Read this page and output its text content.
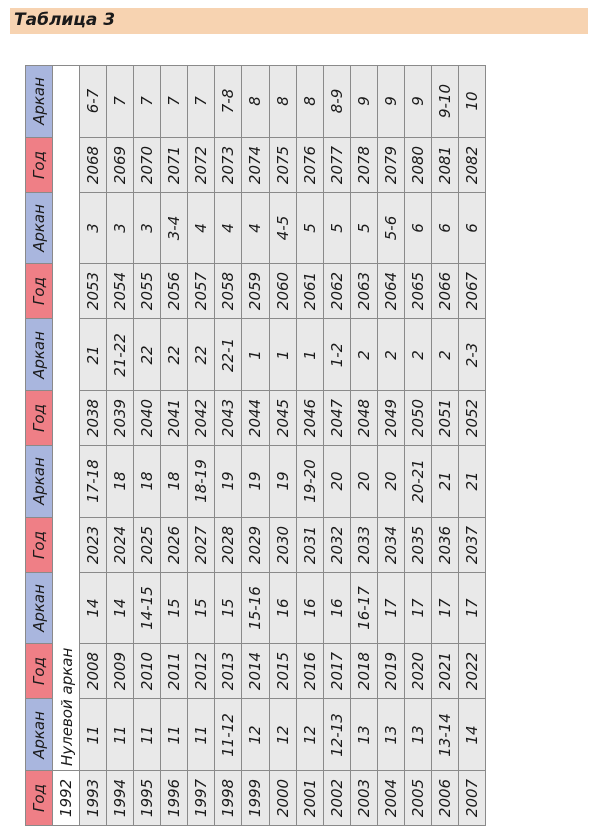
Таблица 3
Год
Аркан
Год
Аркан
Год
Аркан
Год
Аркан
Год
Аркан
Год
Аркан
1992
Нулевой аркан
1993
11
2008
14
2023
17-18
2038
21
2053
3
2068
6-7
1994
11
2009
14
2024
18
2039
21-22
2054
3
2069
7
1995
11
2010
14-15
2025
18
2040
22
2055
3
2070
7
1996
11
2011
15
2026
18
2041
22
2056
3-4
2071
7
1997
11
2012
15
2027
18-19
2042
22
2057
4
2072
7
1998
11-12
2013
15
2028
19
2043
22-1
2058
4
2073
7-8
1999
12
2014
15-16
2029
19
2044
1
2059
4
2074
8
2000
12
2015
16
2030
19
2045
1
2060
4-5
2075
8
2001
12
2016
16
2031
19-20
2046
1
2061
5
2076
8
2002
12-13
2017
16
2032
20
2047
1-2
2062
5
2077
8-9
2003
13
2018
16-17
2033
20
2048
2
2063
5
2078
9
2004
13
2019
17
2034
20
2049
2
2064
5-6
2079
9
2005
13
2020
17
2035
20-21
2050
2
2065
6
2080
9
2006
13-14
2021
17
2036
21
2051
2
2066
6
2081
9-10
2007
14
2022
17
2037
21
2052
2-3
2067
6
2082
10
